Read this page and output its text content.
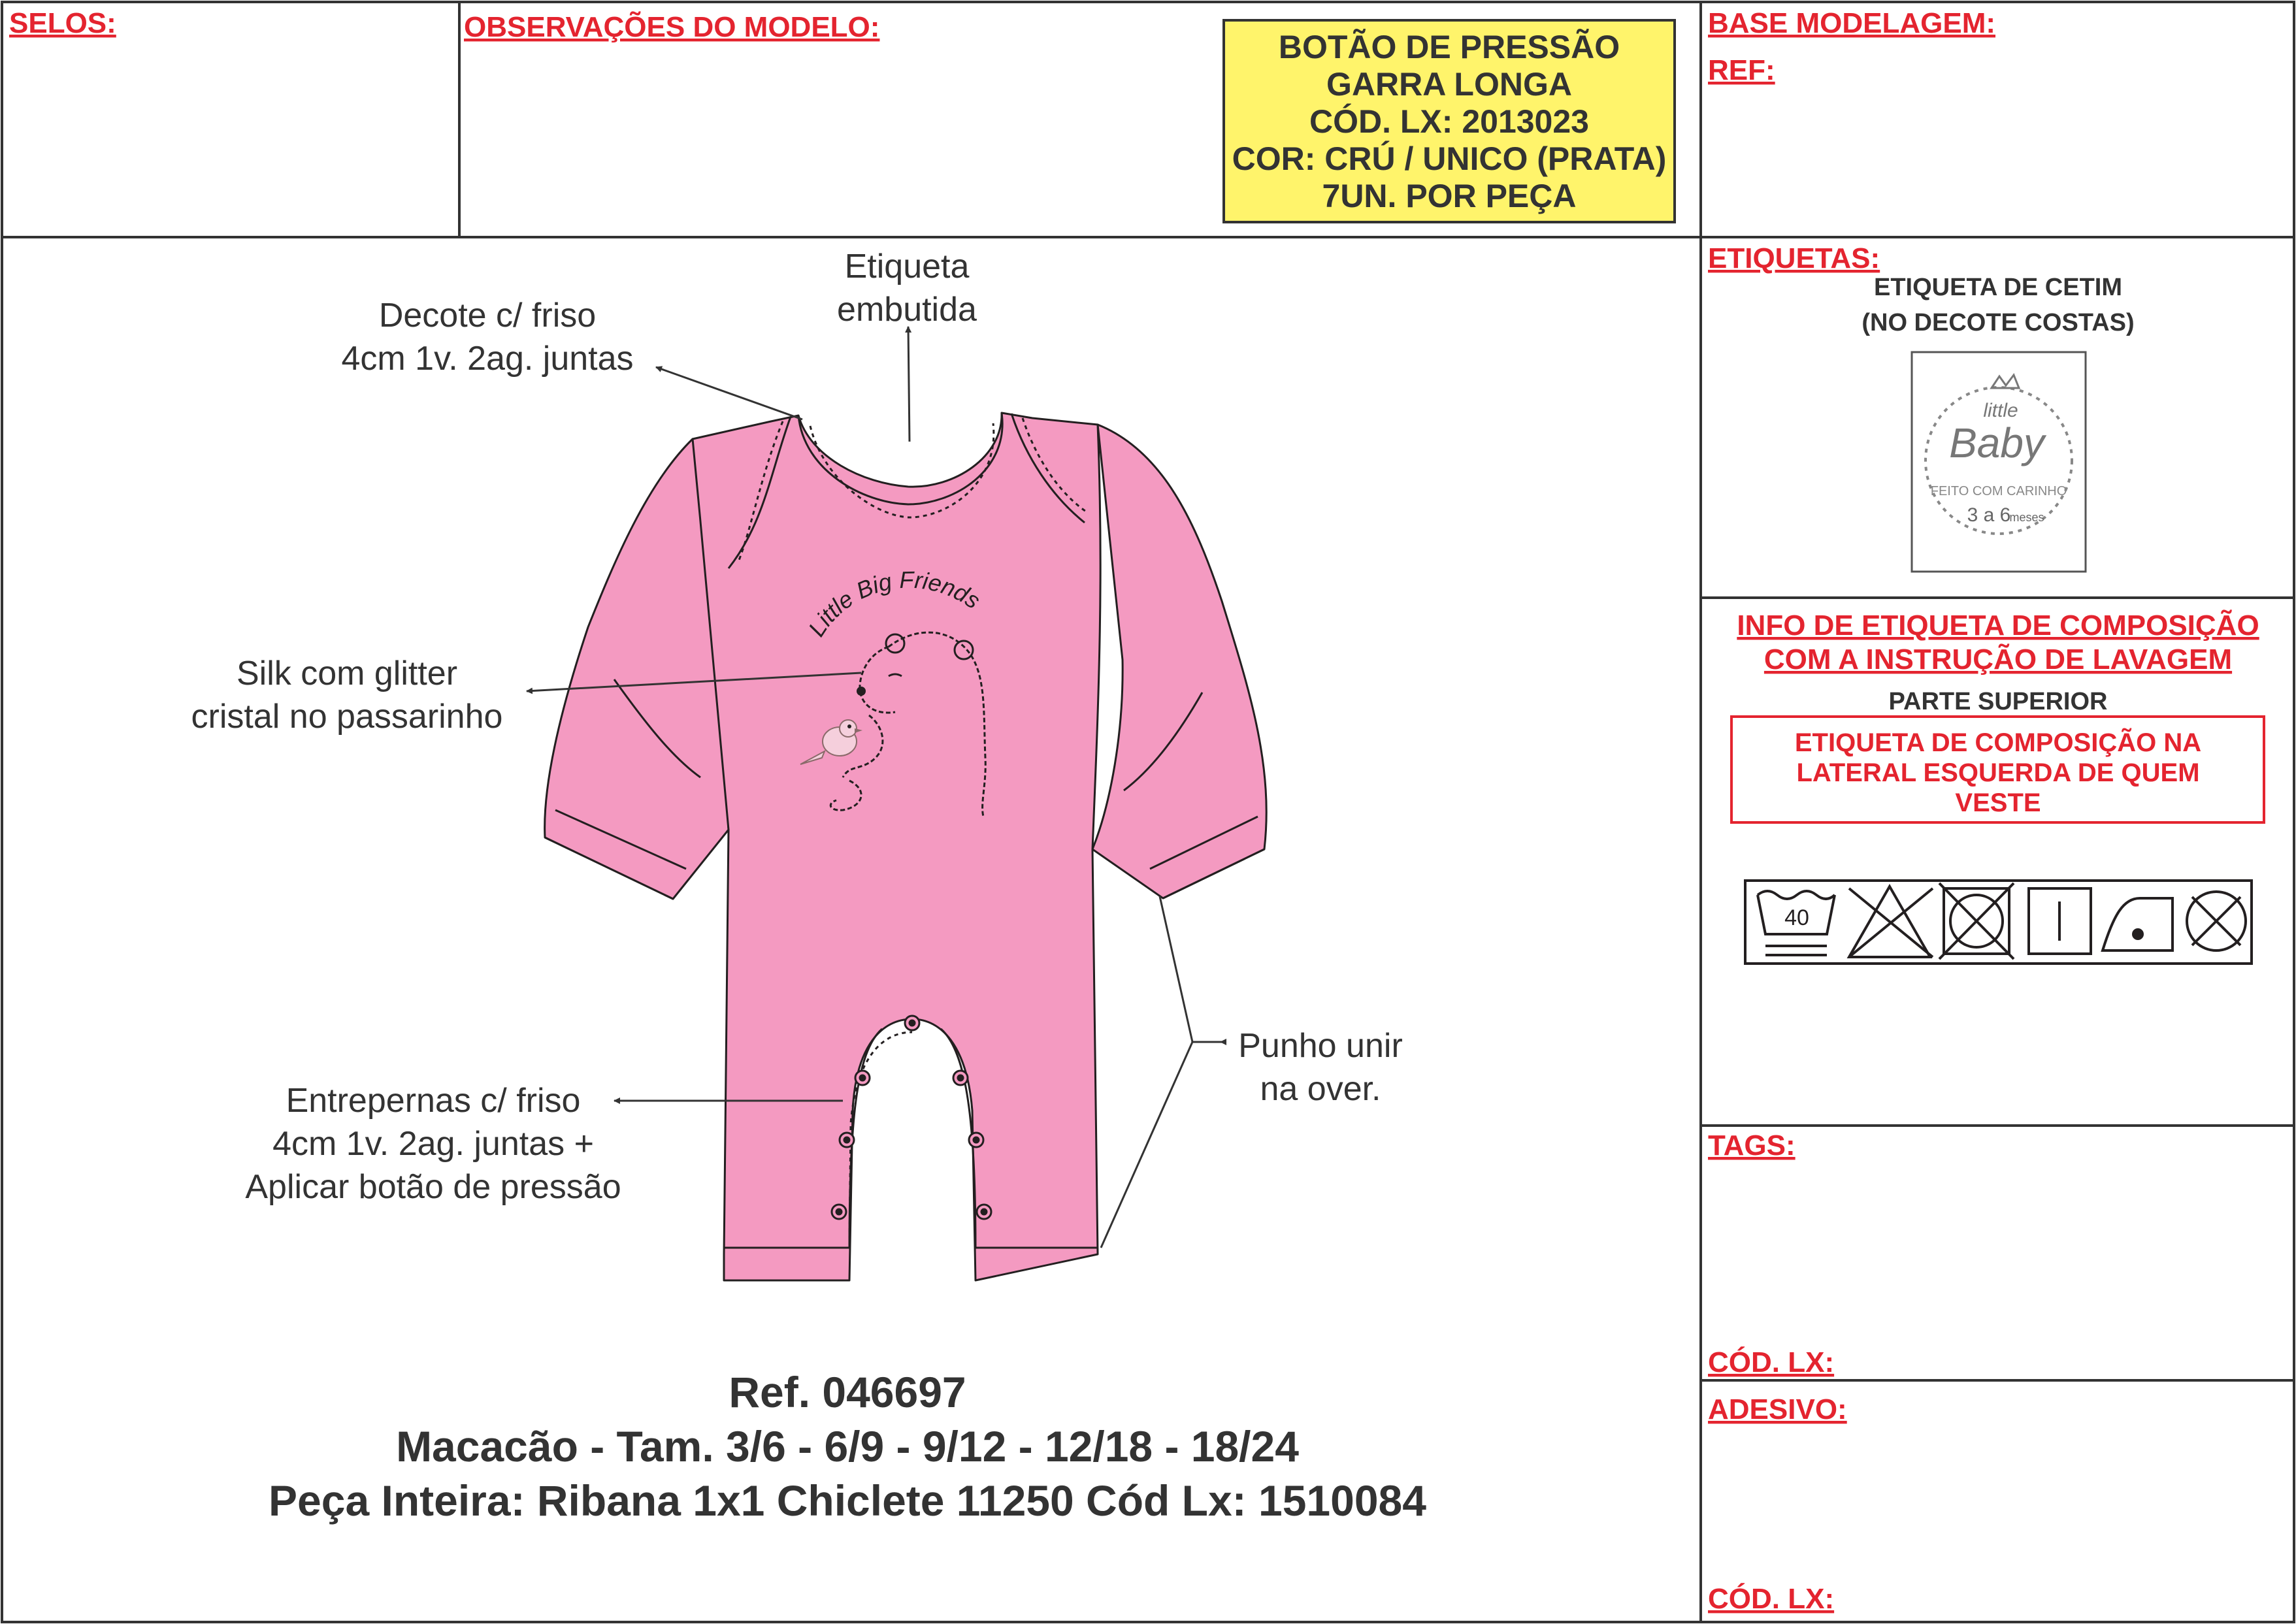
SELOS:	OBSERVAÇÕES DO MODELO:	BASE MODELAGEM:
REF:
BOTÃO DE PRESSÃO
GARRA LONGA
CÓD. LX: 2013023
COR: CRÚ / UNICO (PRATA)
7UN. POR PEÇA
Little Big Friends
Decote c/ friso
4cm 1v. 2ag. juntas
Etiqueta
embutida
Silk com glitter
cristal no passarinho
Entrepernas c/ friso
4cm 1v. 2ag. juntas +
Aplicar botão de pressão
Punho unir
na over.
Ref. 046697
Macacão - Tam. 3/6 - 6/9 - 9/12 - 12/18 - 18/24
Peça Inteira: Ribana 1x1 Chiclete 11250 Cód Lx: 1510084
ETIQUETAS:
ETIQUETA DE CETIM
(NO DECOTE COSTAS)
little
Baby
FEITO COM CARINHO
3 a 6
meses
INFO DE ETIQUETA DE COMPOSIÇÃO
COM A INSTRUÇÃO DE LAVAGEM
PARTE SUPERIOR
ETIQUETA DE COMPOSIÇÃO NA
LATERAL ESQUERDA DE QUEM
VESTE
40
TAGS:
CÓD. LX:
ADESIVO:
CÓD. LX:
